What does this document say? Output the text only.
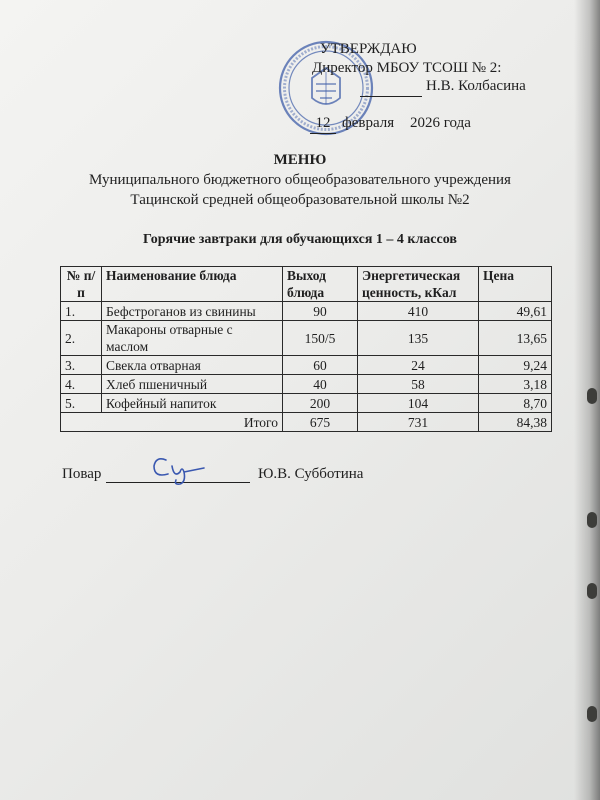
УТВЕРЖДАЮ
Директор МБОУ ТСОШ № 2:
Н.В. Колбасина
12 февраля 2026 года
МЕНЮ
Муниципального бюджетного общеобразовательного учреждения
Тацинской средней общеобразовательной школы №2
Горячие завтраки для обучающихся 1 – 4 классов
№ п/п	Наименование блюда	Выход блюда	Энергетическая ценность, кКал	Цена
1.	Бефстроганов из свинины	90	410	49,61
2.	Макароны отварные с маслом	150/5	135	13,65
3.	Свекла отварная	60	24	9,24
4.	Хлеб пшеничный	40	58	3,18
5.	Кофейный напиток	200	104	8,70
Итого		675	731	84,38
Повар	Ю.В. Субботина
